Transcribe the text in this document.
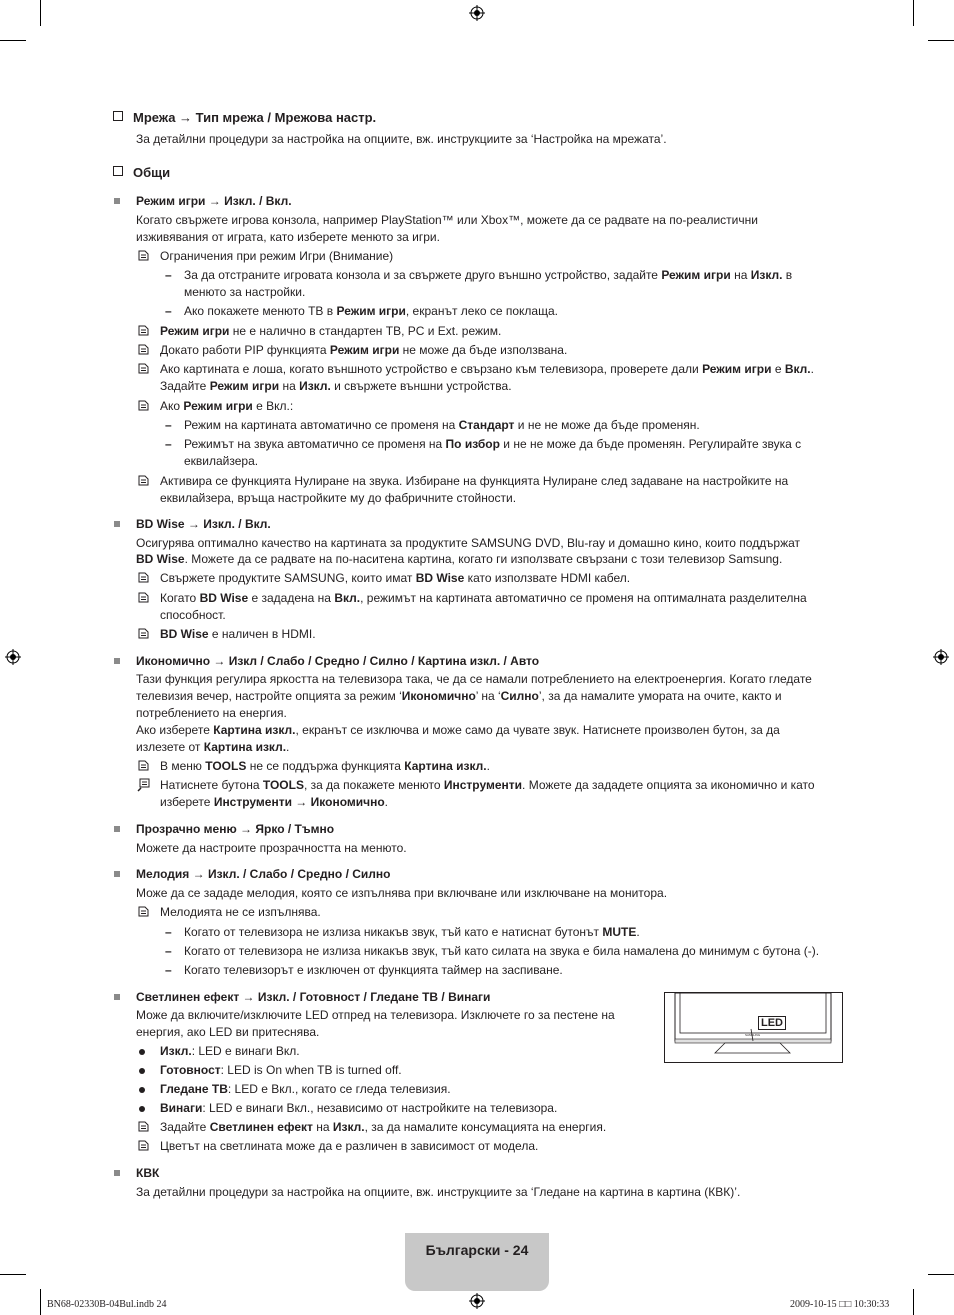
Мрежа → Тип мрежа / Мрежова настр.
За детайлни процедури за настройка на опциите, вж. инструкциите за ‘Настройка на мрежата’.
Общи
Режим игри → Изкл. / Вкл.
Когато свържете игрова конзола, например PlayStation™ или Xbox™, можете да се радвате на по-реалистични
изживявания от играта, като изберете менюто за игри.
Ограничения при режим Игри (Внимание)
– За да отстраните игровата конзола и за свържете друго външно устройство, задайте Режим игри на Изкл. в
менюто за настройки.
– Ако покажете менюто ТВ в Режим игри, екранът леко се поклаща.
Режим игри не е налично в стандартен ТВ, PC и Ext. режим.
Докато работи PIP функцията Режим игри не може да бъде използвана.
Ако картината е лоша, когато външното устройство е свързано към телевизора, проверете дали Режим игри е Вкл..
Задайте Режим игри на Изкл. и свържете външни устройства.
Ако Режим игри е Вкл.:
– Режим на картината автоматично се променя на Стандарт и не не може да бъде променян.
– Режимът на звука автоматично се променя на По избор и не не може да бъде променян. Регулирайте звука с
еквилайзера.
Активира се функцията Нулиране на звука. Избиране на функцията Нулиране след задаване на настройките на
еквилайзера, връща настройките му до фабричните стойности.
BD Wise → Изкл. / Вкл.
Осигурява оптимално качество на картината за продуктите SAMSUNG DVD, Blu-ray и домашно кино, които поддържат
BD Wise. Можете да се радвате на по-наситена картина, когато ги използвате свързани с този телевизор Samsung.
Свържете продуктите SAMSUNG, които имат BD Wise като използвате HDMI кабел.
Когато BD Wise е зададена на Вкл., режимът на картината автоматично се променя на оптималната разделителна
способност.
BD Wise е наличен в HDMI.
Икономично → Изкл / Слабо / Средно / Силно / Картина изкл. / Авто
Тази функция регулира яркостта на телевизора така, че да се намали потреблението на електроенергия. Когато гледате
телевизия вечер, настройте опцията за режим ‘Икономично’ на ‘Силно’, за да намалите умората на очите, както и
потреблението на енергия.
Ако изберете Картина изкл., екранът се изключва и може само да чувате звук. Натиснете произволен бутон, за да
излезете от Картина изкл..
В меню TOOLS не се поддържа функцията Картина изкл..
Натиснете бутона TOOLS, за да покажете менюто Инструменти. Можете да зададете опцията за икономично и като
изберете Инструменти → Икономично.
Прозрачно меню → Ярко / Тъмно
Можете да настроите прозрачността на менюто.
Мелодия → Изкл. / Слабо / Средно / Силно
Може да се зададе мелодия, която се изпълнява при включване или изключване на монитора.
Мелодията не се изпълнява.
– Когато от телевизора не излиза никакъв звук, тъй като е натиснат бутонът MUTE.
– Когато от телевизора не излиза никакъв звук, тъй като силата на звука е била намалена до минимум с бутона (-).
– Когато телевизорът е изключен от функцията таймер на заспиване.
Светлинен ефект → Изкл. / Готовност / Гледане ТВ / Винаги
Може да включите/изключите LED отпред на телевизора. Изключете го за пестене на
енергия, ако LED ви притеснява.
Изкл.: LED е винаги Вкл.
Готовност: LED is On when TB is turned off.
Гледане ТВ: LED е Вкл., когато се гледа телевизия.
Винаги: LED е винаги Вкл., независимо от настройките на телевизора.
Задайте Светлинен ефект на Изкл., за да намалите консумацията на енергия.
Цветът на светлината може да е различен в зависимост от модела.
LED
SAMSUNG
КВК
За детайлни процедури за настройка на опциите, вж. инструкциите за ‘Гледане на картина в картина (КВК)’.
Български - 24
BN68-02330B-04Bul.indb 24	2009-10-15 □□ 10:30:33
